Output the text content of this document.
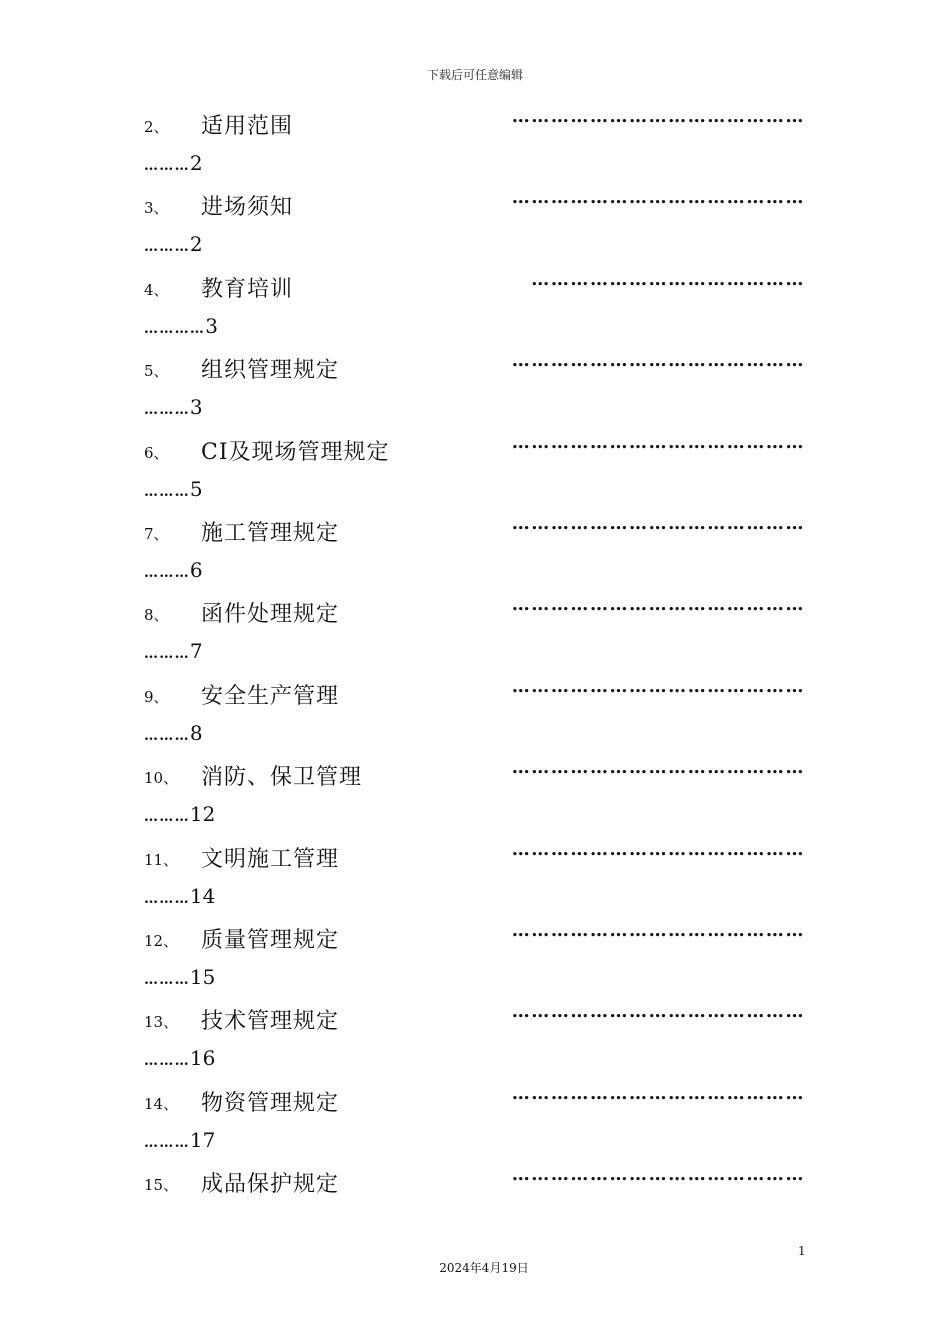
下载后可任意编辑
2、 适用范围	………………………………………
………2
3、 进场须知	………………………………………
………2
4、 教育培训	……………………………………
…………3
5、 组织管理规定	………………………………………
………3
6、 CI及现场管理规定	………………………………………
………5
7、 施工管理规定	………………………………………
………6
8、 函件处理规定	………………………………………
………7
9、 安全生产管理	………………………………………
………8
10、 消防、保卫管理	………………………………………
………12
11、 文明施工管理	………………………………………
………14
12、 质量管理规定	………………………………………
………15
13、 技术管理规定	………………………………………
………16
14、 物资管理规定	………………………………………
………17
15、 成品保护规定	………………………………………
1
2024年4月19日
